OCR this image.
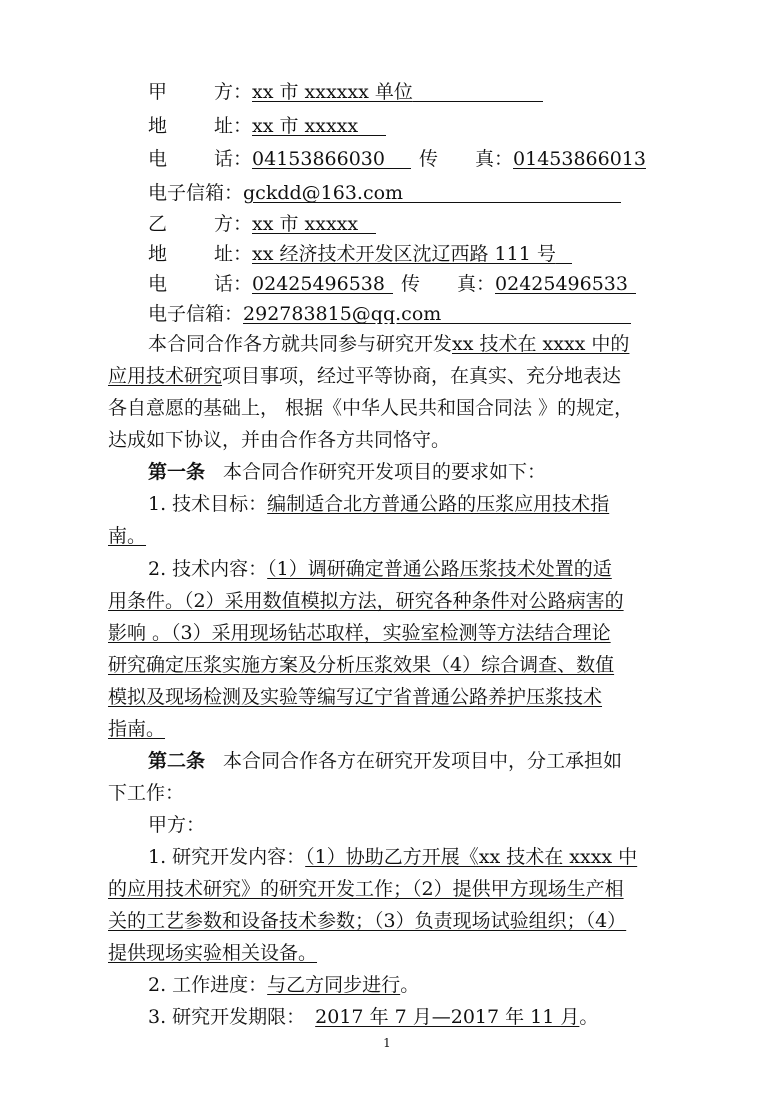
甲 方：xx 市 xxxxxx 单位
地 址：xx 市 xxxxx
电 话：04153866030 传 真：01453866013
电子信箱：gckdd@163.com
乙 方：xx 市 xxxxx
地 址：xx 经济技术开发区沈辽西路 111 号
电 话：02425496538 传 真：02425496533
电子信箱：292783815@qq.com
本合同合作各方就共同参与研究开发xx 技术在 xxxx 中的
应用技术研究项目事项，经过平等协商，在真实、充分地表达
各自意愿的基础上， 根据《中华人民共和国合同法 》的规定，
达成如下协议，并由合作各方共同恪守。
第一条 本合同合作研究开发项目的要求如下：
1. 技术目标：编制适合北方普通公路的压浆应用技术指
南。
2. 技术内容：（1）调研确定普通公路压浆技术处置的适
用条件。（2）采用数值模拟方法，研究各种条件对公路病害的
影响 。（3）采用现场钻芯取样，实验室检测等方法结合理论
研究确定压浆实施方案及分析压浆效果（4）综合调查、数值
模拟及现场检测及实验等编写辽宁省普通公路养护压浆技术
指南。
第二条 本合同合作各方在研究开发项目中，分工承担如
下工作：
甲方：
1. 研究开发内容：（1）协助乙方开展《xx 技术在 xxxx 中
的应用技术研究》的研究开发工作；（2）提供甲方现场生产相
关的工艺参数和设备技术参数；（3）负责现场试验组织；（4）
提供现场实验相关设备。
2. 工作进度：与乙方同步进行。
3. 研究开发期限： 2017 年 7 月—2017 年 11 月。
1
